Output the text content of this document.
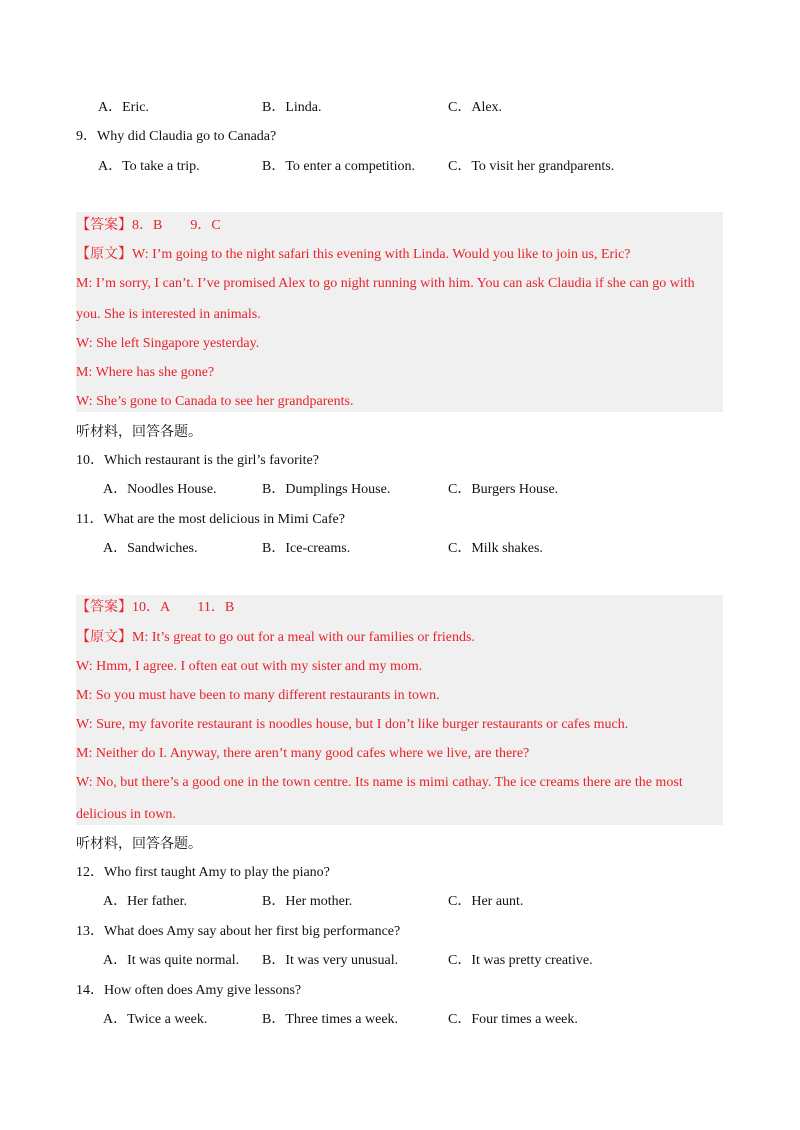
A．Eric.	B．Linda.	C．Alex.
9．Why did Claudia go to Canada?
A．To take a trip.	B．To enter a competition. C．To visit her grandparents.
【答案】8．B　　9．C
【原文】W: I’m going to the night safari this evening with Linda. Would you like to join us, Eric?
M: I’m sorry, I can’t. I’ve promised Alex to go night running with him. You can ask Claudia if she can go with
you. She is interested in animals.
W: She left Singapore yesterday.
M: Where has she gone?
W: She’s gone to Canada to see her grandparents.
听材料，回答各题。
10．Which restaurant is the girl’s favorite?
A．Noodles House.	B．Dumplings House.	C．Burgers House.
11．What are the most delicious in Mimi Cafe?
A．Sandwiches.	B．Ice-creams.	C．Milk shakes.
【答案】10．A　　11．B
【原文】M: It’s great to go out for a meal with our families or friends.
W: Hmm, I agree. I often eat out with my sister and my mom.
M: So you must have been to many different restaurants in town.
W: Sure, my favorite restaurant is noodles house, but I don’t like burger restaurants or cafes much.
M: Neither do I. Anyway, there aren’t many good cafes where we live, are there?
W: No, but there’s a good one in the town centre. Its name is mimi cathay. The ice creams there are the most
delicious in town.
听材料，回答各题。
12．Who first taught Amy to play the piano?
A．Her father.	B．Her mother.	C．Her aunt.
13．What does Amy say about her first big performance?
A．It was quite normal. B．It was very unusual.	C．It was pretty creative.
14．How often does Amy give lessons?
A．Twice a week.	B．Three times a week.	C．Four times a week.
